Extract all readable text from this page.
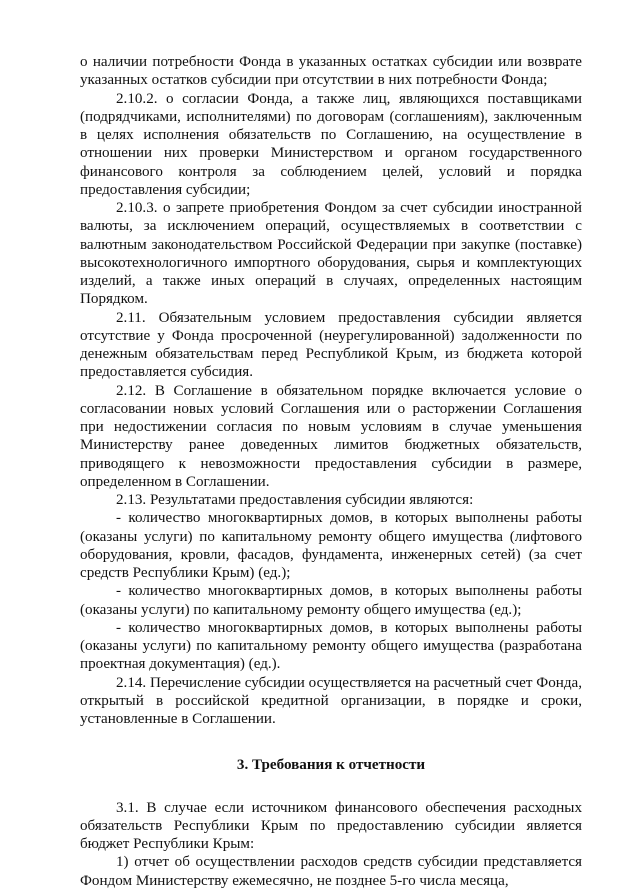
о наличии потребности Фонда в указанных остатках субсидии или возврате указанных остатков субсидии при отсутствии в них потребности Фонда;

2.10.2. о согласии Фонда, а также лиц, являющихся поставщиками (подрядчиками, исполнителями) по договорам (соглашениям), заключенным в целях исполнения обязательств по Соглашению, на осуществление в отношении них проверки Министерством и органом государственного финансового контроля за соблюдением целей, условий и порядка предоставления субсидии;

2.10.3. о запрете приобретения Фондом за счет субсидии иностранной валюты, за исключением операций, осуществляемых в соответствии с валютным законодательством Российской Федерации при закупке (поставке) высокотехнологичного импортного оборудования, сырья и комплектующих изделий, а также иных операций в случаях, определенных настоящим Порядком.

2.11. Обязательным условием предоставления субсидии является отсутствие у Фонда просроченной (неурегулированной) задолженности по денежным обязательствам перед Республикой Крым, из бюджета которой предоставляется субсидия.

2.12. В Соглашение в обязательном порядке включается условие о согласовании новых условий Соглашения или о расторжении Соглашения при недостижении согласия по новым условиям в случае уменьшения Министерству ранее доведенных лимитов бюджетных обязательств, приводящего к невозможности предоставления субсидии в размере, определенном в Соглашении.

2.13. Результатами предоставления субсидии являются:

- количество многоквартирных домов, в которых выполнены работы (оказаны услуги) по капитальному ремонту общего имущества (лифтового оборудования, кровли, фасадов, фундамента, инженерных сетей) (за счет средств Республики Крым) (ед.);

- количество многоквартирных домов, в которых выполнены работы (оказаны услуги) по капитальному ремонту общего имущества (ед.);

- количество многоквартирных домов, в которых выполнены работы (оказаны услуги) по капитальному ремонту общего имущества (разработана проектная документация) (ед.).

2.14. Перечисление субсидии осуществляется на расчетный счет Фонда, открытый в российской кредитной организации, в порядке и сроки, установленные в Соглашении.

3. Требования к отчетности

3.1. В случае если источником финансового обеспечения расходных обязательств Республики Крым по предоставлению субсидии является бюджет Республики Крым:

1) отчет об осуществлении расходов средств субсидии представляется Фондом Министерству ежемесячно, не позднее 5-го числа месяца,
